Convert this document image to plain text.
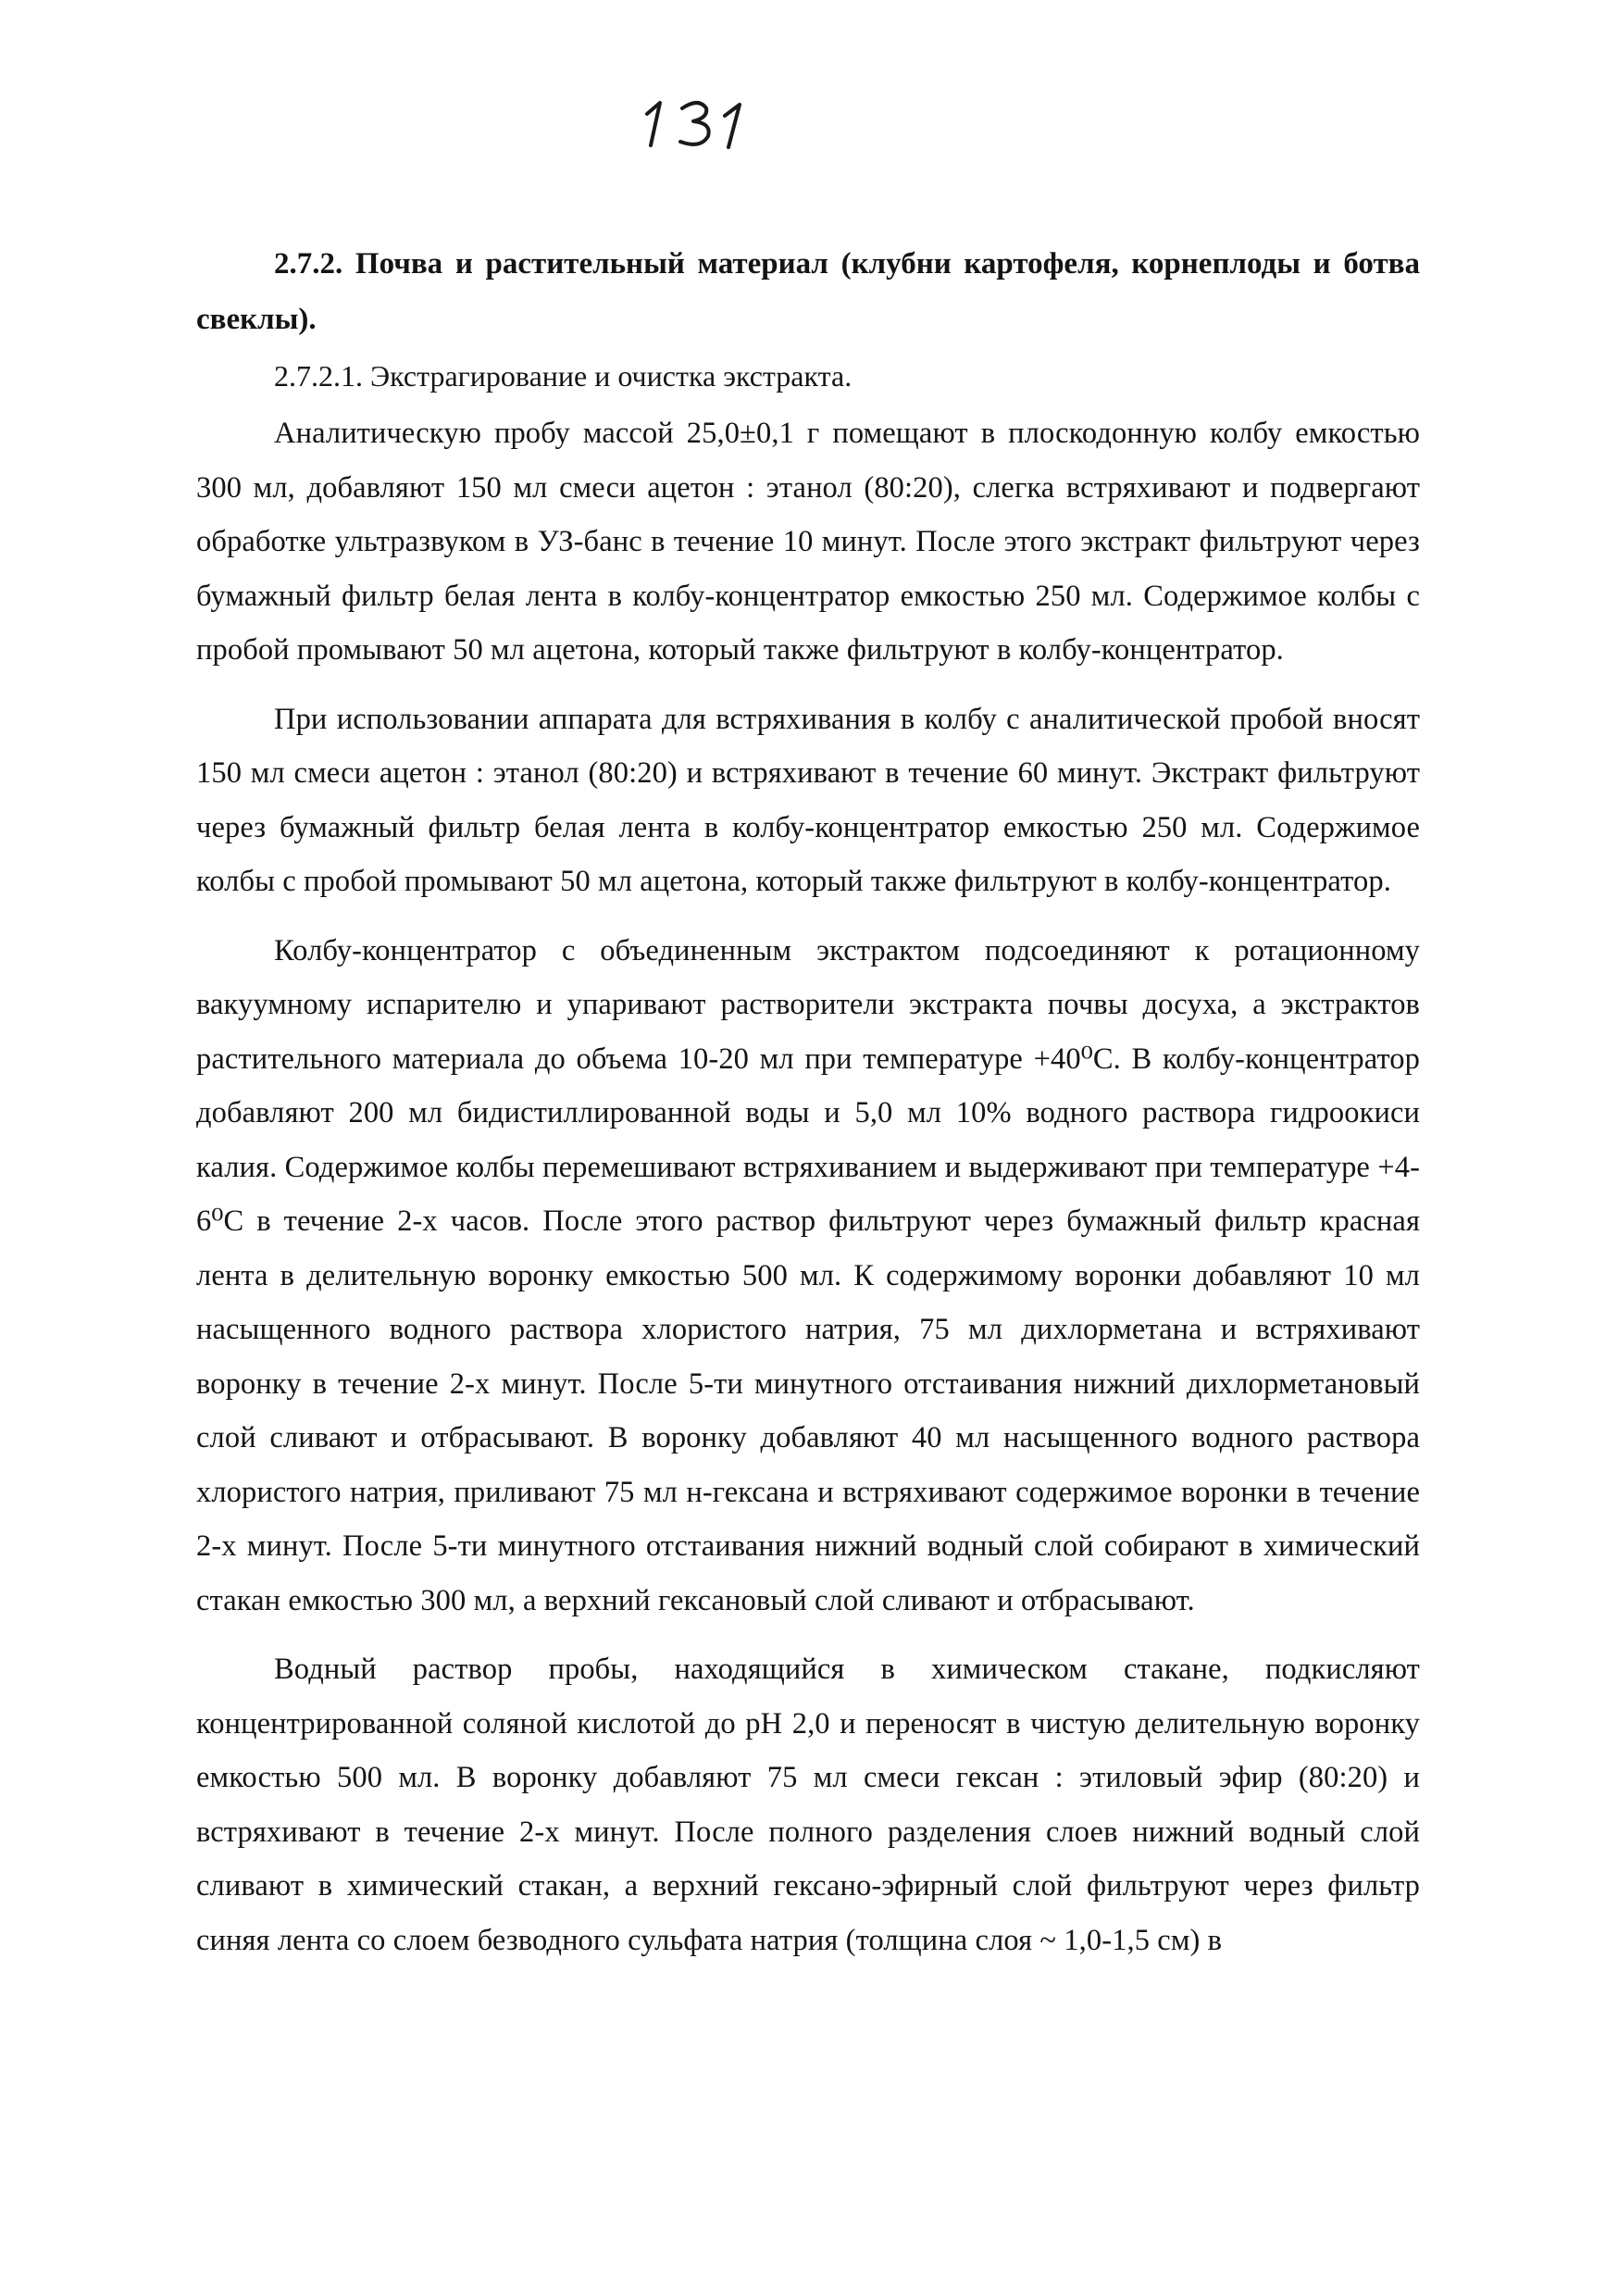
2.7.2. Почва и растительный материал (клубни картофеля, корнеплоды и ботва свеклы).

2.7.2.1. Экстрагирование и очистка экстракта.

Аналитическую пробу массой 25,0±0,1 г помещают в плоскодонную колбу емкостью 300 мл, добавляют 150 мл смеси ацетон : этанол (80:20), слегка встряхивают и подвергают обработке ультразвуком в УЗ-банс в течение 10 минут. После этого экстракт фильтруют через бумажный фильтр белая лента в колбу-концентратор емкостью 250 мл. Содержимое колбы с пробой промывают 50 мл ацетона, который также фильтруют в колбу-концентратор.

При использовании аппарата для встряхивания в колбу с аналитической пробой вносят 150 мл смеси ацетон : этанол (80:20) и встряхивают в течение 60 минут. Экстракт фильтруют через бумажный фильтр белая лента в колбу-концентратор емкостью 250 мл. Содержимое колбы с пробой промывают 50 мл ацетона, который также фильтруют в колбу-концентратор.

Колбу-концентратор с объединенным экстрактом подсоединяют к ротационному вакуумному испарителю и упаривают растворители экстракта почвы досуха, а экстрактов растительного материала до объема 10-20 мл при температуре +40⁰С. В колбу-концентратор добавляют 200 мл бидистиллированной воды и 5,0 мл 10% водного раствора гидроокиси калия. Содержимое колбы перемешивают встряхиванием и выдерживают при температуре +4-6⁰С в течение 2-х часов. После этого раствор фильтруют через бумажный фильтр красная лента в делительную воронку емкостью 500 мл. К содержимому воронки добавляют 10 мл насыщенного водного раствора хлористого натрия, 75 мл дихлорметана и встряхивают воронку в течение 2-х минут. После 5-ти минутного отстаивания нижний дихлорметановый слой сливают и отбрасывают. В воронку добавляют 40 мл насыщенного водного раствора хлористого натрия, приливают 75 мл н-гексана и встряхивают содержимое воронки в течение 2-х минут. После 5-ти минутного отстаивания нижний водный слой собирают в химический стакан емкостью 300 мл, а верхний гексановый слой сливают и отбрасывают.

Водный раствор пробы, находящийся в химическом стакане, подкисляют концентрированной соляной кислотой до рН 2,0 и переносят в чистую делительную воронку емкостью 500 мл. В воронку добавляют 75 мл смеси гексан : этиловый эфир (80:20) и встряхивают в течение 2-х минут. После полного разделения слоев нижний водный слой сливают в химический стакан, а верхний гексано-эфирный слой фильтруют через фильтр синяя лента со слоем безводного сульфата натрия (толщина слоя ~ 1,0-1,5 см) в
